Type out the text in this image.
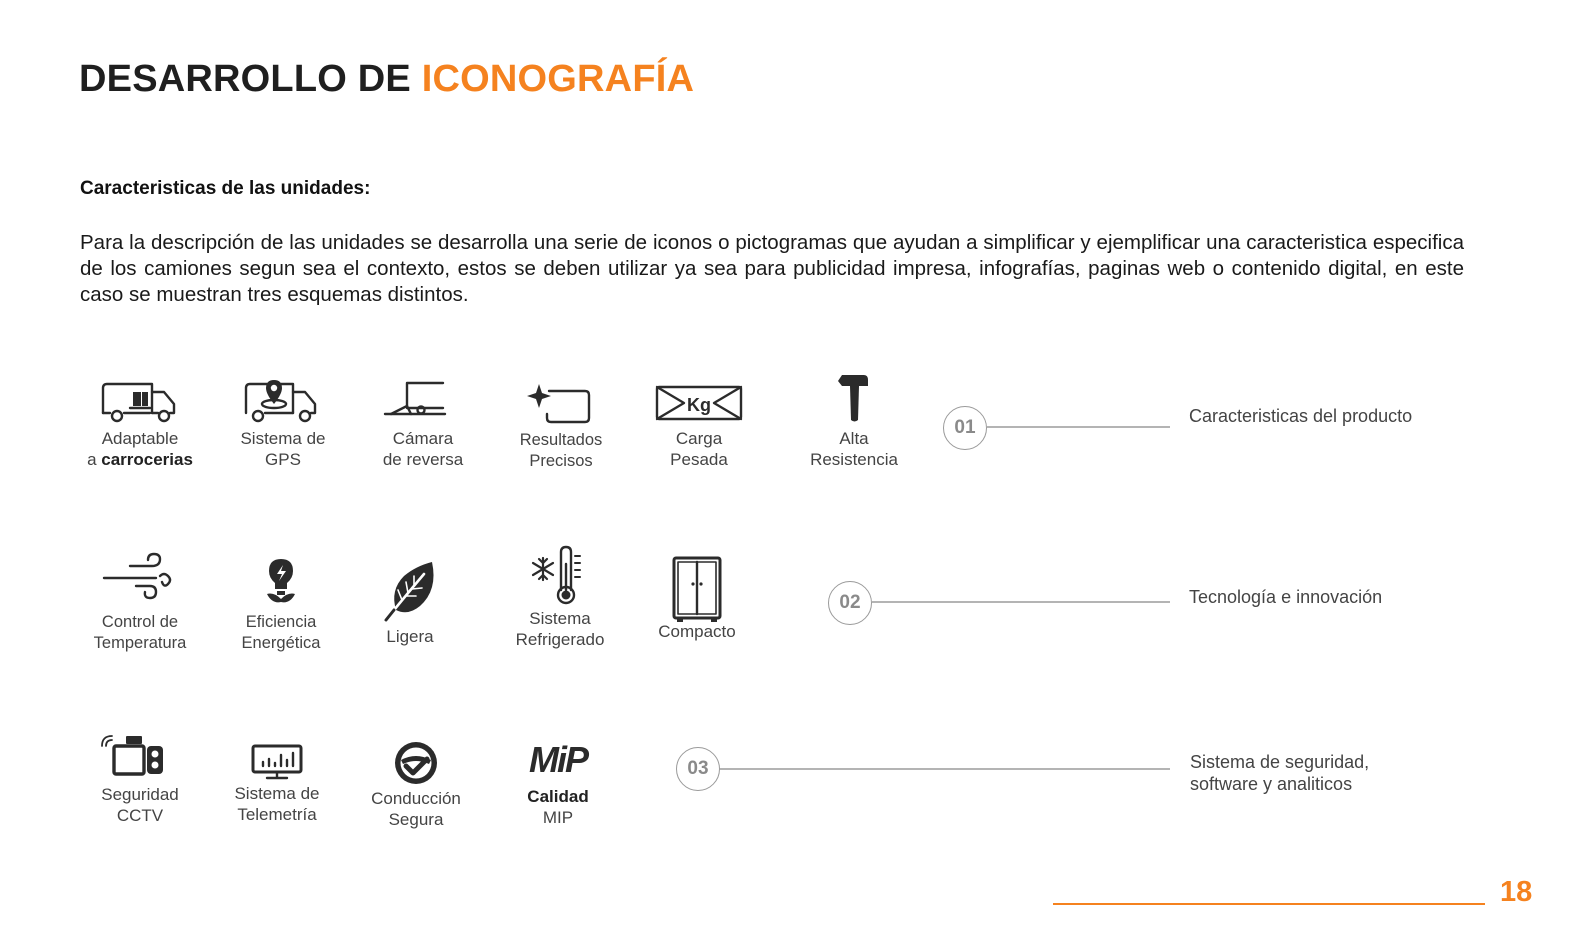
DESARROLLO DE ICONOGRAFÍA

Caracteristicas de las unidades:

Para la descripción de las unidades se desarrolla una serie de iconos o pictogramas que ayudan a simplificar y ejemplificar una caracteristica especifica de los camiones segun sea el contexto, estos se deben utilizar ya sea para publicidad impresa, infografías, paginas web o contenido digital, en este caso se muestran tres esquemas distintos.

Adaptable
a carrocerias
Sistema de
GPS
Cámara
de reversa
Resultados
Precisos
Kg
Carga
Pesada
Alta
Resistencia
01
Caracteristicas del producto
Control de
Temperatura
Eficiencia
Energética	Ligera
Sistema
Refrigerado	Compacto
02	Tecnología e innovación
Seguridad
CCTV
Sistema de
Telemetría
Conducción
Segura
MiP
Calidad
MIP
03	Sistema de seguridad, software y analiticos
18
